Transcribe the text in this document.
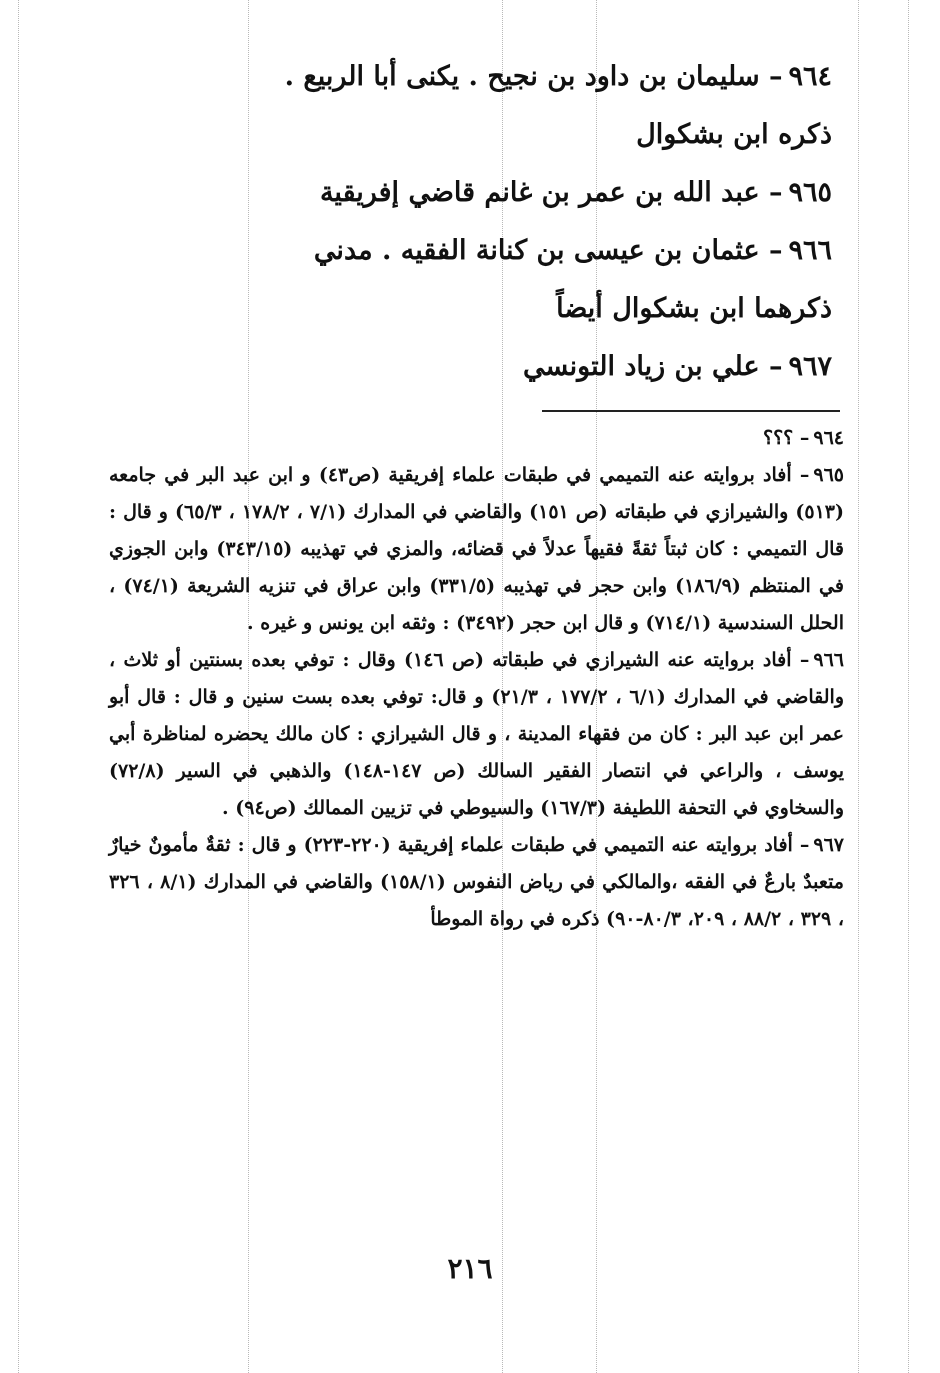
٩٦٤– سليمان بن داود بن نجيح . يكنى أبا الربيع .

ذكره ابن بشكوال

٩٦٥– عبد الله بن عمر بن غانم قاضي إفريقية

٩٦٦– عثمان بن عيسى بن كنانة الفقيه . مدني

ذكرهما ابن بشكوال أيضاً

٩٦٧– علي بن زياد التونسي

٩٦٤– ؟؟؟

٩٦٥– أفاد بروايته عنه التميمي في طبقات علماء إفريقية (ص٤٣) و ابن عبد البر في جامعه (٥١٣) والشيرازي في طبقاته (ص ١٥١) والقاضي في المدارك (٧/١ ، ١٧٨/٢ ، ٦٥/٣) و قال : قال التميمي : كان ثبتاً ثقةً فقيهاً عدلاً في قضائه، والمزي في تهذيبه (٣٤٣/١٥) وابن الجوزي في المنتظم (١٨٦/٩) وابن حجر في تهذيبه (٣٣١/٥) وابن عراق في تنزيه الشريعة (٧٤/١) ، الحلل السندسية (٧١٤/١) و قال ابن حجر (٣٤٩٢) : وثقه ابن يونس و غيره .

٩٦٦– أفاد بروايته عنه الشيرازي في طبقاته (ص ١٤٦) وقال : توفي بعده بسنتين أو ثلاث ، والقاضي في المدارك (٦/١ ، ١٧٧/٢ ، ٢١/٣) و قال: توفي بعده بست سنين و قال : قال أبو عمر ابن عبد البر : كان من فقهاء المدينة ، و قال الشيرازي : كان مالك يحضره لمناظرة أبي يوسف ، والراعي في انتصار الفقير السالك (ص ١٤٧-١٤٨) والذهبي في السير (٧٢/٨) والسخاوي في التحفة اللطيفة (١٦٧/٣) والسيوطي في تزيين الممالك (ص٩٤) .

٩٦٧– أفاد بروايته عنه التميمي في طبقات علماء إفريقية (٢٢٠-٢٢٣) و قال : ثقةٌ مأمونٌ خيارٌ متعبدٌ بارعٌ في الفقه ،والمالكي في رياض النفوس (١٥٨/١) والقاضي في المدارك (٨/١ ، ٣٢٦ ، ٣٢٩ ، ٨٨/٢ ، ٢٠٩، ٨٠/٣-٩٠) ذكره في رواة الموطأ

٢١٦
